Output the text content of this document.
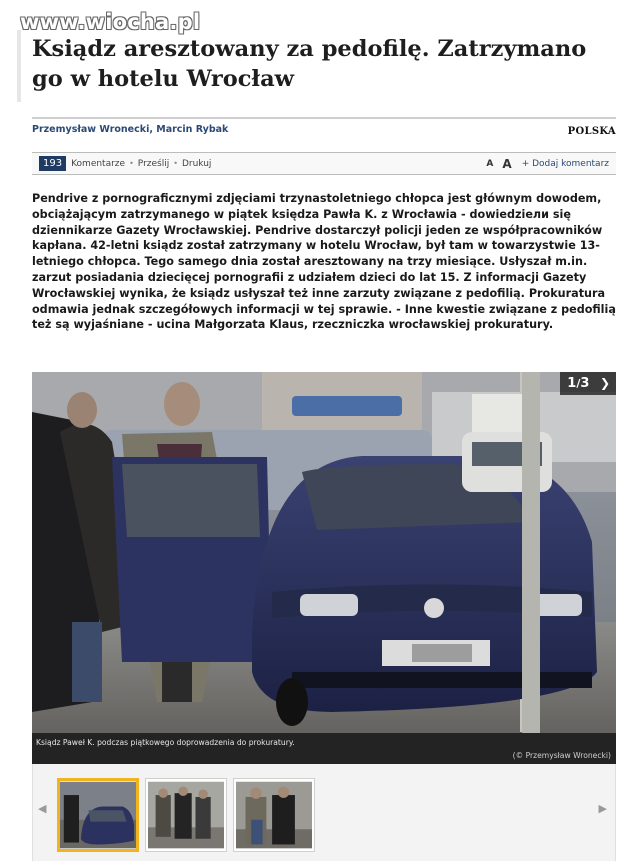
www.wiocha.pl
Ksiądz aresztowany za pedofilę. Zatrzymano go w hotelu Wrocław
Przemysław Wronecki, Marcin Rybak	POLSKA
193	Komentarze • Prześlij • Drukuj	A A + Dodaj komentarz

Pendrive z pornograficznymi zdjęciami trzynastoletniego chłopca jest głównym dowodem, obciążającym zatrzymanego w piątek księdza Pawła K. z Wrocławia - dowiedziели się dziennikarze Gazety Wrocławskiej. Pendrive dostarczył policji jeden ze współpracowników kapłana. 42-letni ksiądz został zatrzymany w hotelu Wrocław, był tam w towarzystwie 13-letniego chłopca. Tego samego dnia został aresztowany na trzy miesiące. Usłyszał m.in. zarzut posiadania dziecięcej pornografii z udziałem dzieci do lat 15. Z informacji Gazety Wrocławskiej wynika, że ksiądz usłyszał też inne zarzuty związane z pedofilią. Prokuratura odmawia jednak szczegółowych informacji w tej sprawie. - Inne kwestie związane z pedofilią też są wyjaśniane - ucina Małgorzata Klaus, rzeczniczka wrocławskiej prokuratury.

1/3 ❯
Ksiądz Paweł K. podczas piątkowego doprowadzenia do prokuratury.
(© Przemysław Wronecki)
◀	▶
